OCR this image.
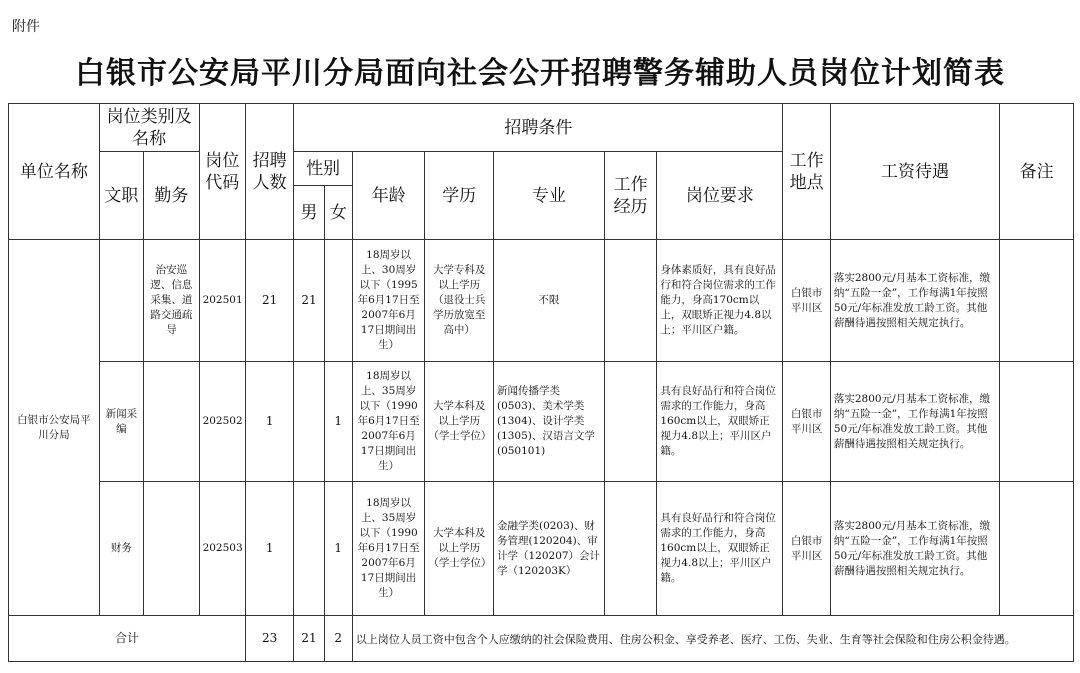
附件
白银市公安局平川分局面向社会公开招聘警务辅助人员岗位计划简表
单位名称	岗位类别及名称		岗位代码	招聘人数	招聘条件							工作地点	工资待遇	备注
	文职	勤务			性别		年龄	学历	专业	工作经历	岗位要求			
					男	女								
白银市公安局平川分局		治安巡逻、信息采集、道路交通疏导	202501	21	21		18周岁以上、30周岁以下（1995年6月17日至2007年6月17日期间出生）	大学专科及以上学历（退役士兵学历放宽至高中）	不限		身体素质好，具有良好品行和符合岗位需求的工作能力，身高170cm以上，双眼矫正视力4.8以上；平川区户籍。	白银市平川区	落实2800元/月基本工资标准，缴纳“五险一金”，工作每满1年按照50元/年标准发放工龄工资。其他薪酬待遇按照相关规定执行。	
	新闻采编		202502	1		1	18周岁以上、35周岁以下（1990年6月17日至2007年6月17日期间出生）	大学本科及以上学历（学士学位）	新闻传播学类(0503)、美术学类(1304)、设计学类(1305)、汉语言文学(050101)		具有良好品行和符合岗位需求的工作能力，身高160cm以上，双眼矫正视力4.8以上；平川区户籍。	白银市平川区	落实2800元/月基本工资标准，缴纳“五险一金”，工作每满1年按照50元/年标准发放工龄工资。其他薪酬待遇按照相关规定执行。	
	财务		202503	1		1	18周岁以上、35周岁以下（1990年6月17日至2007年6月17日期间出生）	大学本科及以上学历（学士学位）	金融学类(0203)、财务管理(120204)、审计学（120207）会计学（120203K）		具有良好品行和符合岗位需求的工作能力，身高160cm以上，双眼矫正视力4.8以上；平川区户籍。	白银市平川区	落实2800元/月基本工资标准，缴纳“五险一金”，工作每满1年按照50元/年标准发放工龄工资。其他薪酬待遇按照相关规定执行。	
合计				23	21	2	以上岗位人员工资中包含个人应缴纳的社会保险费用、住房公积金、享受养老、医疗、工伤、失业、生育等社会保险和住房公积金待遇。							
